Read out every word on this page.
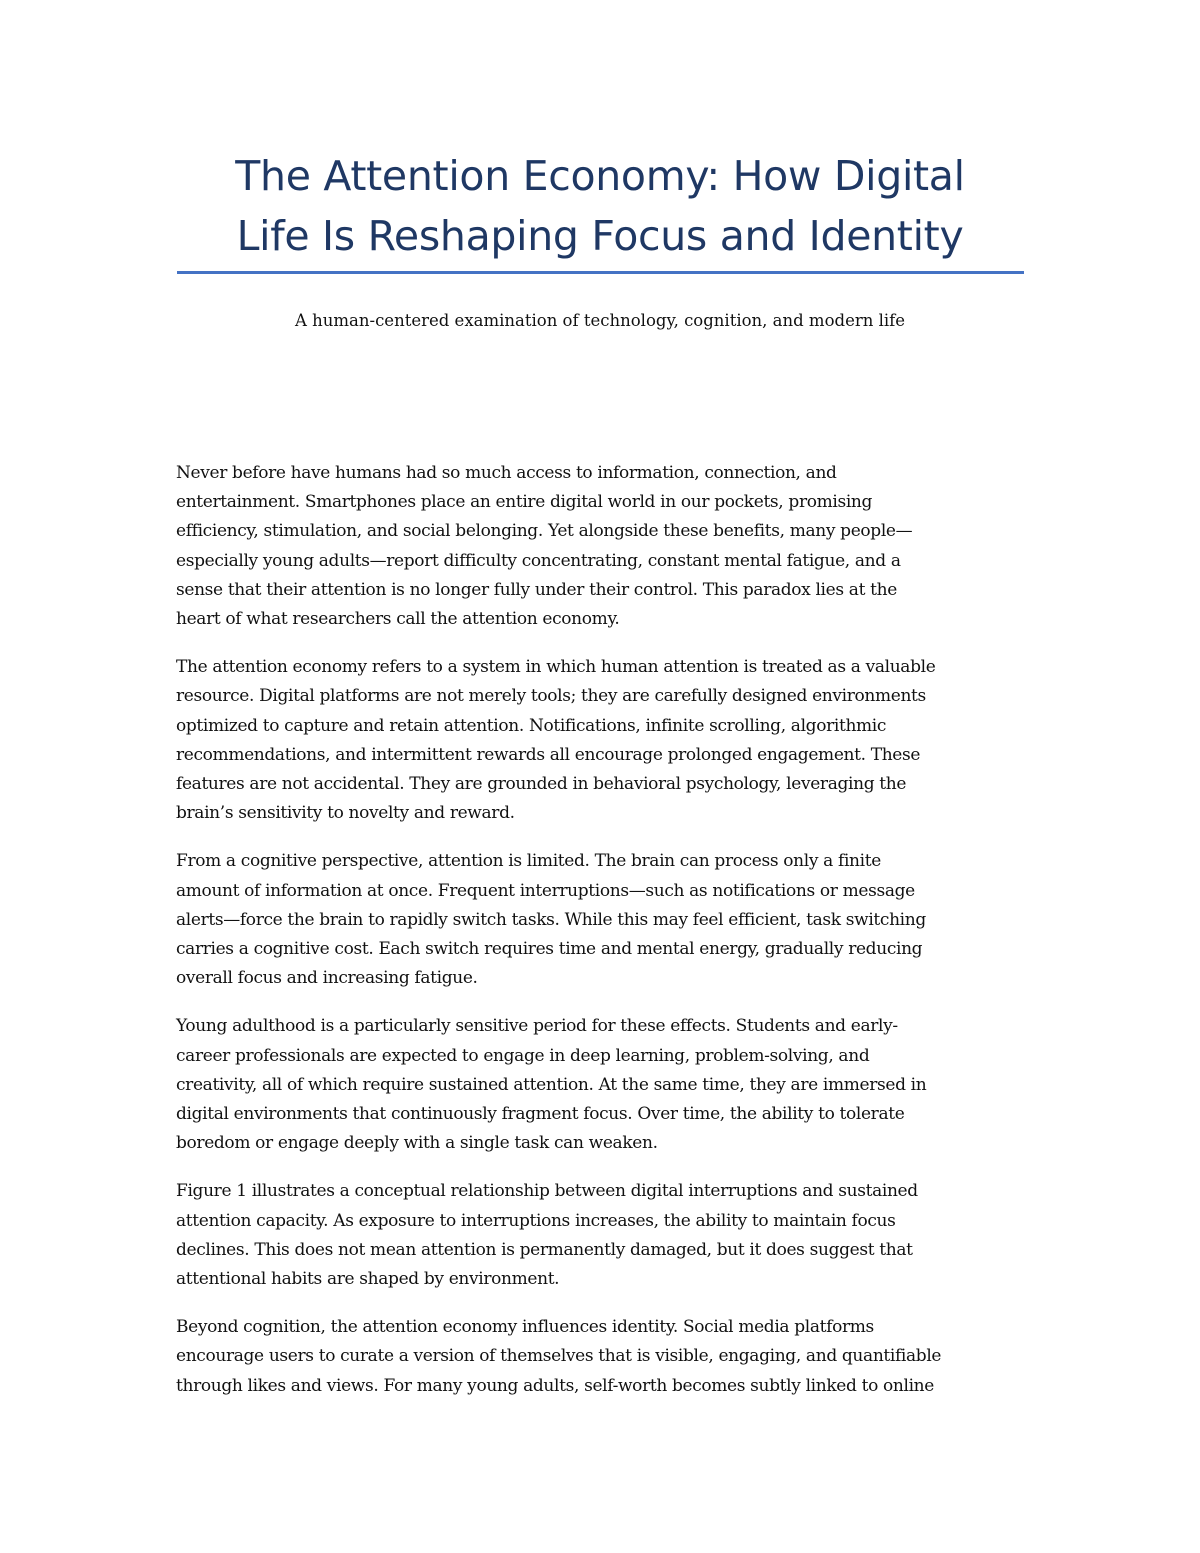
The Attention Economy: How Digital
Life Is Reshaping Focus and Identity

A human-centered examination of technology, cognition, and modern life

Never before have humans had so much access to information, connection, and
entertainment. Smartphones place an entire digital world in our pockets, promising
efficiency, stimulation, and social belonging. Yet alongside these benefits, many people—
especially young adults—report difficulty concentrating, constant mental fatigue, and a
sense that their attention is no longer fully under their control. This paradox lies at the
heart of what researchers call the attention economy.

The attention economy refers to a system in which human attention is treated as a valuable
resource. Digital platforms are not merely tools; they are carefully designed environments
optimized to capture and retain attention. Notifications, infinite scrolling, algorithmic
recommendations, and intermittent rewards all encourage prolonged engagement. These
features are not accidental. They are grounded in behavioral psychology, leveraging the
brain’s sensitivity to novelty and reward.

From a cognitive perspective, attention is limited. The brain can process only a finite
amount of information at once. Frequent interruptions—such as notifications or message
alerts—force the brain to rapidly switch tasks. While this may feel efficient, task switching
carries a cognitive cost. Each switch requires time and mental energy, gradually reducing
overall focus and increasing fatigue.

Young adulthood is a particularly sensitive period for these effects. Students and early-
career professionals are expected to engage in deep learning, problem-solving, and
creativity, all of which require sustained attention. At the same time, they are immersed in
digital environments that continuously fragment focus. Over time, the ability to tolerate
boredom or engage deeply with a single task can weaken.

Figure 1 illustrates a conceptual relationship between digital interruptions and sustained
attention capacity. As exposure to interruptions increases, the ability to maintain focus
declines. This does not mean attention is permanently damaged, but it does suggest that
attentional habits are shaped by environment.

Beyond cognition, the attention economy influences identity. Social media platforms
encourage users to curate a version of themselves that is visible, engaging, and quantifiable
through likes and views. For many young adults, self-worth becomes subtly linked to online
